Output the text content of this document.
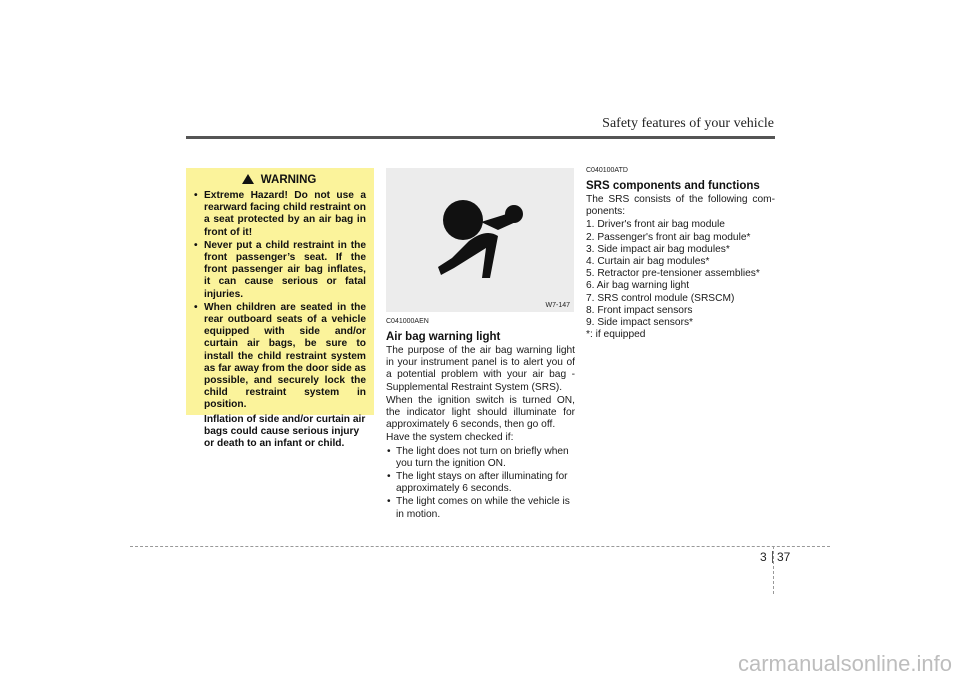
Safety features of your vehicle
WARNING
• Extreme Hazard! Do not use a rearward facing child restraint on a seat protected by an air bag in front of it!
• Never put a child restraint in the front passenger’s seat. If the front passenger air bag inflates, it can cause serious or fatal injuries.
• When children are seated in the rear outboard seats of a vehicle equipped with side and/or curtain air bags, be sure to install the child restraint system as far away from the door side as possible, and securely lock the child restraint system in position.
Inflation of side and/or curtain air bags could cause serious injury or death to an infant or child.
W7-147
C041000AEN
Air bag warning light
The purpose of the air bag warning light in your instrument panel is to alert you of a potential problem with your air bag - Supplemental Restraint System (SRS).
When the ignition switch is turned ON, the indicator light should illuminate for approximately 6 seconds, then go off.
Have the system checked if:
• The light does not turn on briefly when you turn the ignition ON.
• The light stays on after illuminating for approximately 6 seconds.
• The light comes on while the vehicle is in motion.
C040100ATD
SRS components and functions
The SRS consists of the following com-ponents:
1. Driver's front air bag module
2. Passenger's front air bag module*
3. Side impact air bag modules*
4. Curtain air bag modules*
5. Retractor pre-tensioner assemblies*
6. Air bag warning light
7. SRS control module (SRSCM)
8. Front impact sensors
9. Side impact sensors*
*: if equipped
3 37
carmanualsonline.info
